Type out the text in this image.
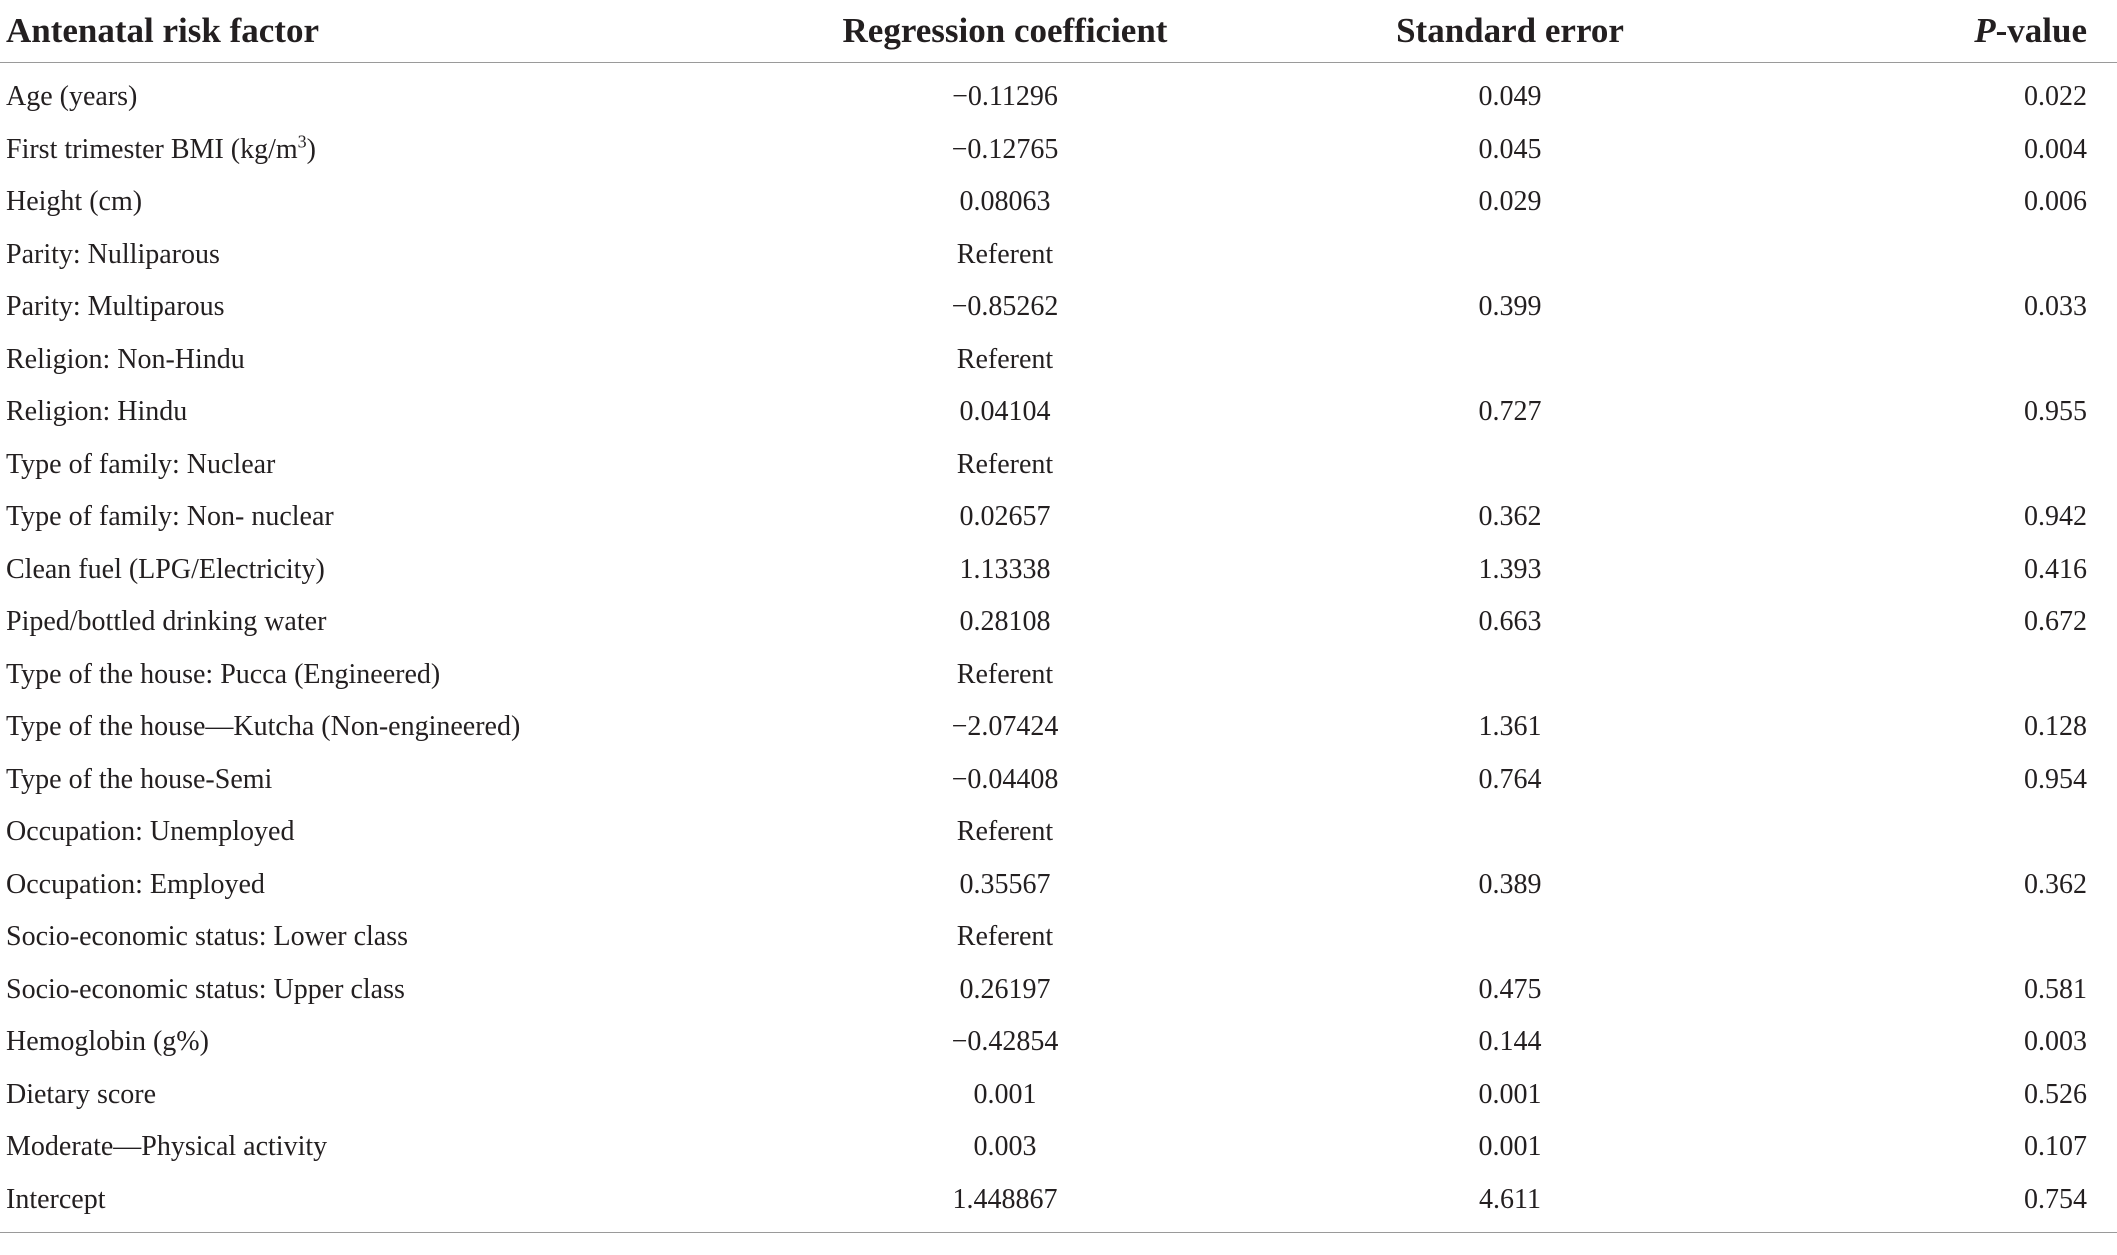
Antenatal risk factor	Regression coefficient	Standard error	P-value
Age (years)	−0.11296	0.049	0.022
First trimester BMI $(kg/m^3)$	−0.12765	0.045	0.004
Height (cm)	0.08063	0.029	0.006
Parity: Nulliparous	Referent		
Parity: Multiparous	−0.85262	0.399	0.033
Religion: Non-Hindu	Referent		
Religion: Hindu	0.04104	0.727	0.955
Type of family: Nuclear	Referent		
Type of family: Non- nuclear	0.02657	0.362	0.942
Clean fuel (LPG/Electricity)	1.13338	1.393	0.416
Piped/bottled drinking water	0.28108	0.663	0.672
Type of the house: Pucca (Engineered)	Referent		
Type of the house—Kutcha (Non-engineered)	−2.07424	1.361	0.128
Type of the house-Semi	−0.04408	0.764	0.954
Occupation: Unemployed	Referent		
Occupation: Employed	0.35567	0.389	0.362
Socio-economic status: Lower class	Referent		
Socio-economic status: Upper class	0.26197	0.475	0.581
Hemoglobin (g%)	−0.42854	0.144	0.003
Dietary score	0.001	0.001	0.526
Moderate—Physical activity	0.003	0.001	0.107
Intercept	1.448867	4.611	0.754
